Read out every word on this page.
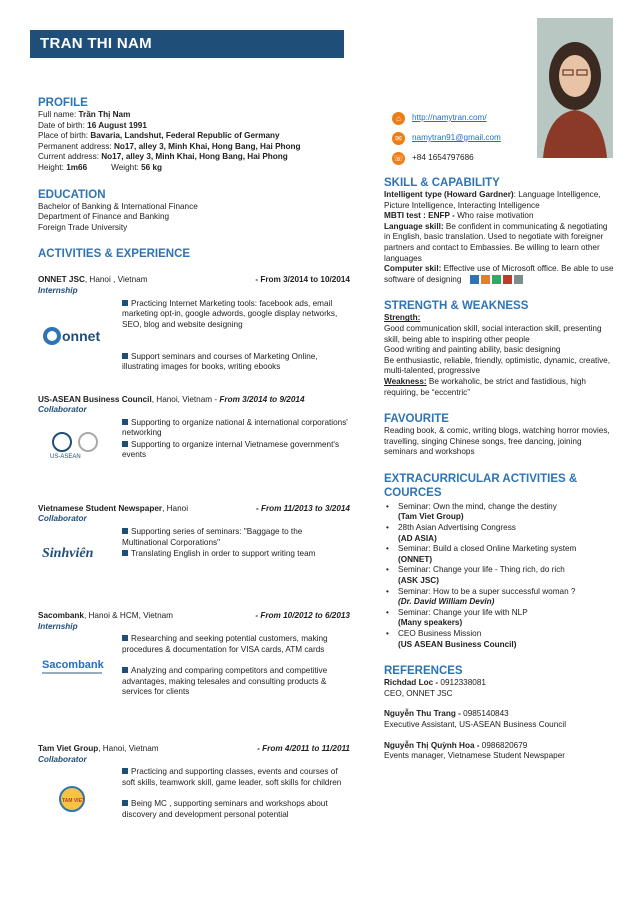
TRAN THI NAM
⌂	http://namytran.com/
✉	namytran91@gmail.com
☏ +84 1654797686
PROFILE
Full name: Trần Thị Nam
Date of birth: 16 August 1991
Place of birth: Bavaria, Landshut, Federal Republic of Germany
Permanent address: No17, alley 3, Minh Khai, Hong Bang, Hai Phong
Current address: No17, alley 3, Minh Khai, Hong Bang, Hai Phong
Height: 1m66	Weight: 56 kg
EDUCATION
Bachelor of Banking & International Finance
Department of Finance and Banking
Foreign Trade University
ACTIVITIES & EXPERIENCE
ONNET JSC, Hanoi , Vietnam	- From 3/2014 to 10/2014
Internship
onnet
Practicing Internet Marketing tools: facebook ads, email marketing opt-in, google adwords, google display networks, SEO, blog and website designing
Support seminars and courses of Marketing Online, illustrating images for books, writing ebooks
US-ASEAN Business Council, Hanoi, Vietnam - From 3/2014 to 9/2014
Collaborator
US-ASEAN
Supporting to organize national & international corporations' networking
Supporting to organize internal Vietnamese government's events
Vietnamese Student Newspaper, Hanoi	- From 11/2013 to 3/2014
Collaborator
Sinhviên
Supporting series of seminars: "Baggage to the Multinational Corporations"
Translating English in order to support writing team
Sacombank, Hanoi & HCM, Vietnam	- From 10/2012 to 6/2013
Internship
Sacombank
Researching and seeking potential customers, making procedures & documentation for VISA cards, ATM cards
Analyzing and comparing competitors and competitive advantages, making telesales and consulting products & services for clients
Tam Viet Group, Hanoi, Vietnam	- From 4/2011 to 11/2011
Collaborator
TAM VIET
Practicing and supporting classes, events and courses of soft skills, teamwork skill, game leader, soft skills for children
Being MC , supporting seminars and workshops about discovery and development personal potential
SKILL & CAPABILITY
Intelligent type (Howard Gardner): Language Intelligence, Picture Intelligence, Interacting Intelligence
MBTI test : ENFP - Who raise motivation
Language skill: Be confident in communicating & negotiating in English, basic translation. Used to negotiate with foreigner partners and contact to Embassies. Be willing to learn other languages
Computer skil: Effective use of Microsoft office. Be able to use software of designing
STRENGTH & WEAKNESS
Strength:
Good communication skill, social interaction skill, presenting skill, being able to inspiring other people
Good writing and painting ability, basic designing
Be enthusiastic, reliable, friendly, optimistic, dynamic, creative, multi-talented, progressive
Weakness: Be workaholic, be strict and fastidious, high requiring, be “eccentric”
FAVOURITE
Reading book, & comic, writing blogs, watching horror movies, travelling, singing Chinese songs, free dancing, joining seminars and workshops
EXTRACURRICULAR ACTIVITIES & COURCES
• Seminar: Own the mind, change the destiny
(Tam Viet Group)
• 28th Asian Advertising Congress
(AD ASIA)
• Seminar: Build a closed Online Marketing system
(ONNET)
• Seminar: Change your life - Thing rich, do rich
(ASK JSC)
• Seminar: How to be a super successful woman ?
(Dr. David William Devin)
• Seminar: Change your life with NLP
(Many speakers)
• CEO Business Mission
(US ASEAN Business Council)
REFERENCES
Richdad Loc - 0912338081
CEO, ONNET JSC
Nguyễn Thu Trang - 0985140843
Executive Assistant, US-ASEAN Business Council
Nguyễn Thị Quỳnh Hoa - 0986820679
Events manager, Vietnamese Student Newspaper
